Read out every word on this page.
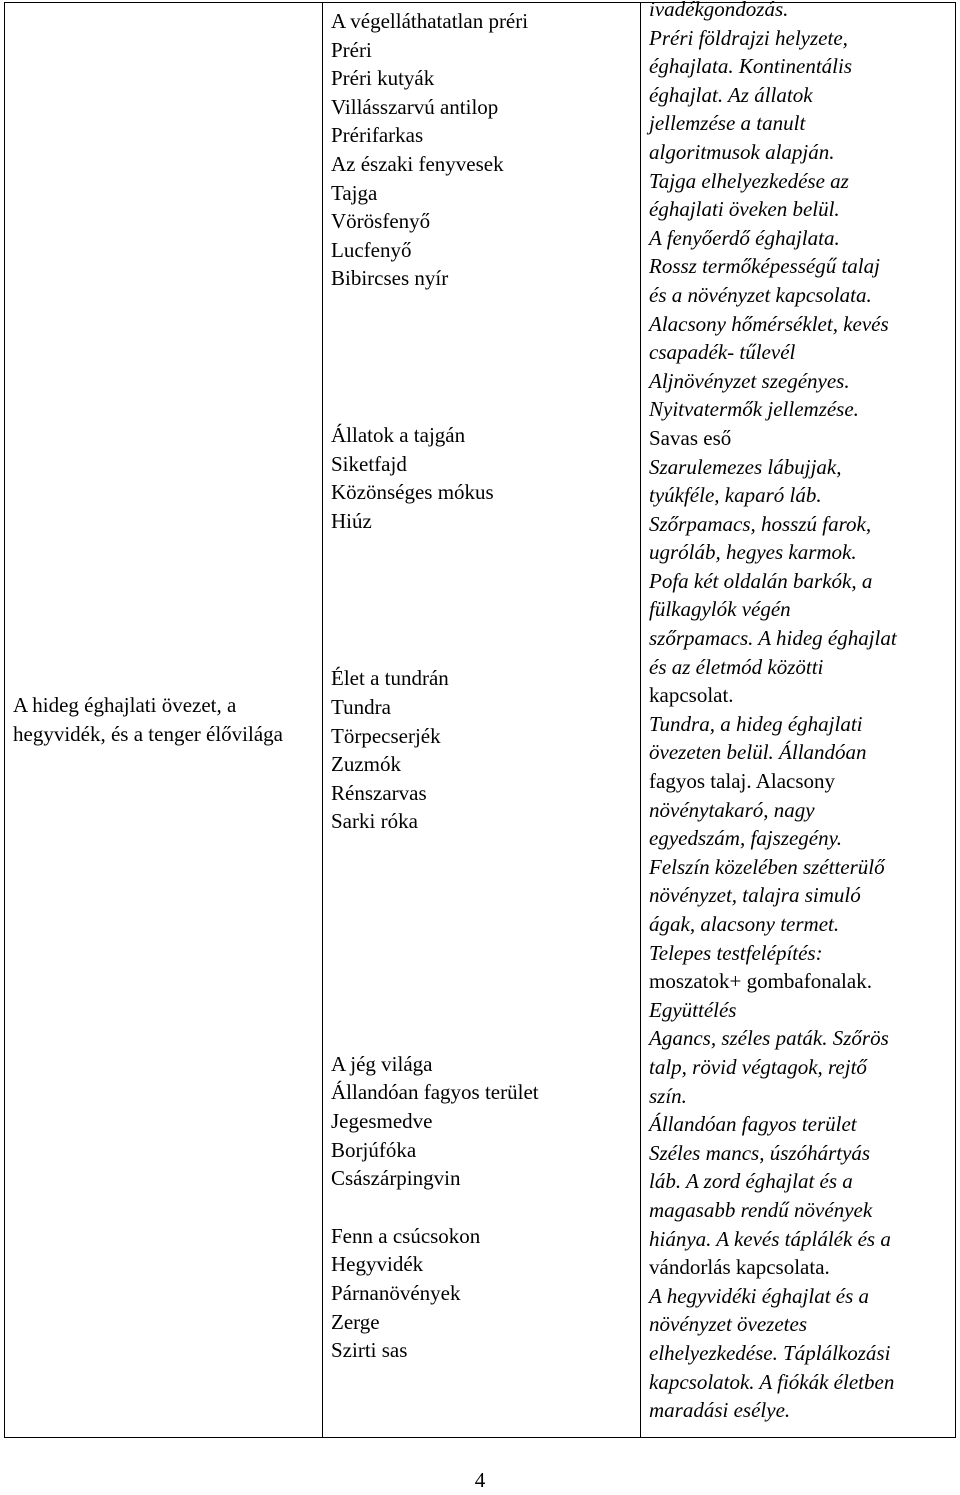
A hideg éghajlati övezet, a hegyvidék, és a tenger élővilága

A végelláthatatlan préri
Préri
Préri kutyák
Villásszarvú antilop
Prérifarkas
Az északi fenyvesek
Tajga
Vörösfenyő
Lucfenyő
Bibircses nyír
Állatok a tajgán
Siketfajd
Közönséges mókus
Hiúz
Élet a tundrán
Tundra
Törpecserjék
Zuzmók
Rénszarvas
Sarki róka
A jég világa
Állandóan fagyos terület
Jegesmedve
Borjúfóka
Császárpingvin
Fenn a csúcsokon
Hegyvidék
Párnanövények
Zerge
Szirti sas

ivadékgondozás.
Préri földrajzi helyzete,
éghajlata. Kontinentális
éghajlat. Az állatok
jellemzése a tanult
algoritmusok alapján.
Tajga elhelyezkedése az
éghajlati öveken belül.
A fenyőerdő éghajlata.
Rossz termőképességű talaj
és a növényzet kapcsolata.
Alacsony hőmérséklet, kevés
csapadék- tűlevél
Aljnövényzet szegényes.
Nyitvatermők jellemzése.
Savas eső
Szarulemezes lábujjak,
tyúkféle, kaparó láb.
Szőrpamacs, hosszú farok,
ugróláb, hegyes karmok.
Pofa két oldalán barkók, a
fülkagylók végén
szőrpamacs. A hideg éghajlat
és az életmód közötti
kapcsolat.
Tundra, a hideg éghajlati
övezeten belül. Állandóan
fagyos talaj. Alacsony
növénytakaró, nagy
egyedszám, fajszegény.
Felszín közelében szétterülő
növényzet, talajra simuló
ágak, alacsony termet.
Telepes testfelépítés:
moszatok+ gombafonalak.
Együttélés
Agancs, széles paták. Szőrös
talp, rövid végtagok, rejtő
szín.
Állandóan fagyos terület
Széles mancs, úszóhártyás
láb. A zord éghajlat és a
magasabb rendű növények
hiánya. A kevés táplálék és a
vándorlás kapcsolata.
A hegyvidéki éghajlat és a
növényzet övezetes
elhelyezkedése. Táplálkozási
kapcsolatok. A fiókák életben
maradási esélye.
4
